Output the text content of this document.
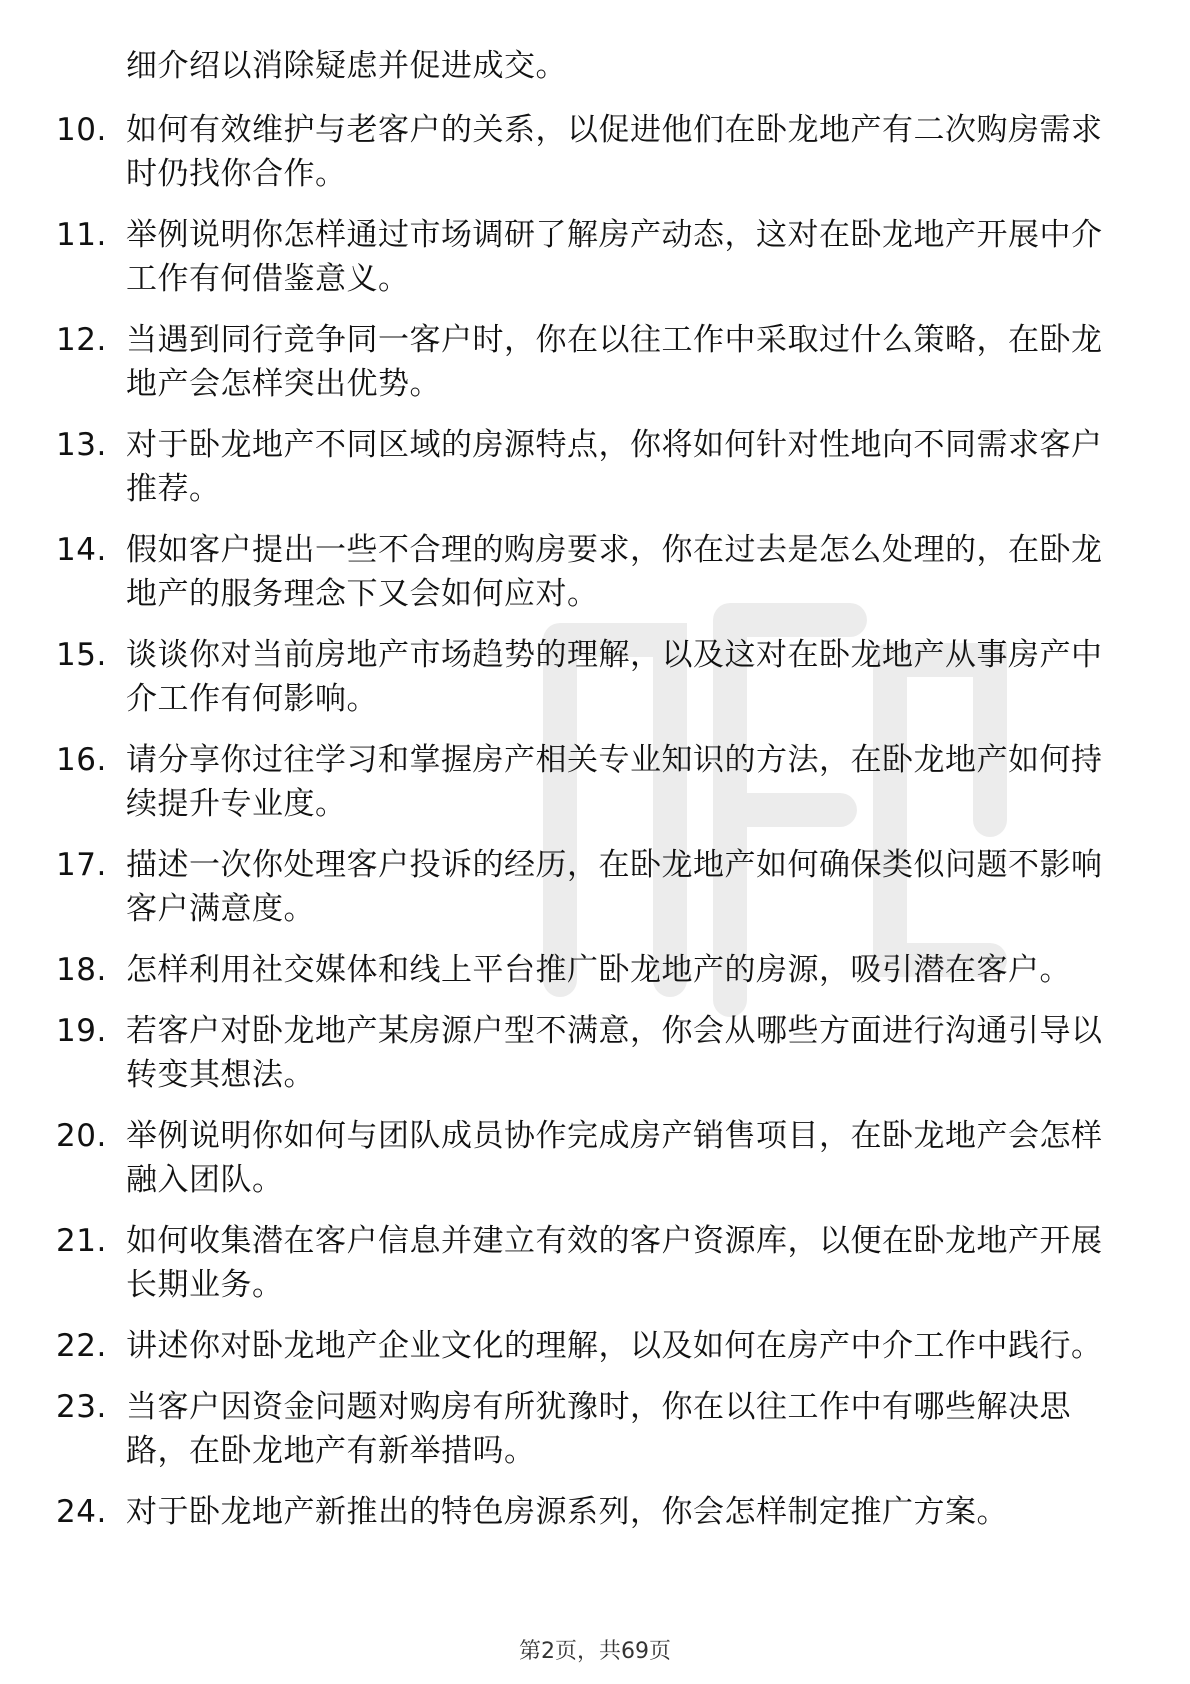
细介绍以消除疑虑并促进成交。
10. 如何有效维护与老客户的关系，以促进他们在卧龙地产有二次购房需求时仍找你合作。
11. 举例说明你怎样通过市场调研了解房产动态，这对在卧龙地产开展中介工作有何借鉴意义。
12. 当遇到同行竞争同一客户时，你在以往工作中采取过什么策略，在卧龙地产会怎样突出优势。
13. 对于卧龙地产不同区域的房源特点，你将如何针对性地向不同需求客户推荐。
14. 假如客户提出一些不合理的购房要求，你在过去是怎么处理的，在卧龙地产的服务理念下又会如何应对。
15. 谈谈你对当前房地产市场趋势的理解，以及这对在卧龙地产从事房产中介工作有何影响。
16. 请分享你过往学习和掌握房产相关专业知识的方法，在卧龙地产如何持续提升专业度。
17. 描述一次你处理客户投诉的经历，在卧龙地产如何确保类似问题不影响客户满意度。
18. 怎样利用社交媒体和线上平台推广卧龙地产的房源，吸引潜在客户。
19. 若客户对卧龙地产某房源户型不满意，你会从哪些方面进行沟通引导以转变其想法。
20. 举例说明你如何与团队成员协作完成房产销售项目，在卧龙地产会怎样融入团队。
21. 如何收集潜在客户信息并建立有效的客户资源库，以便在卧龙地产开展长期业务。
22. 讲述你对卧龙地产企业文化的理解，以及如何在房产中介工作中践行。
23. 当客户因资金问题对购房有所犹豫时，你在以往工作中有哪些解决思路，在卧龙地产有新举措吗。
24. 对于卧龙地产新推出的特色房源系列，你会怎样制定推广方案。
第2页，共69页
